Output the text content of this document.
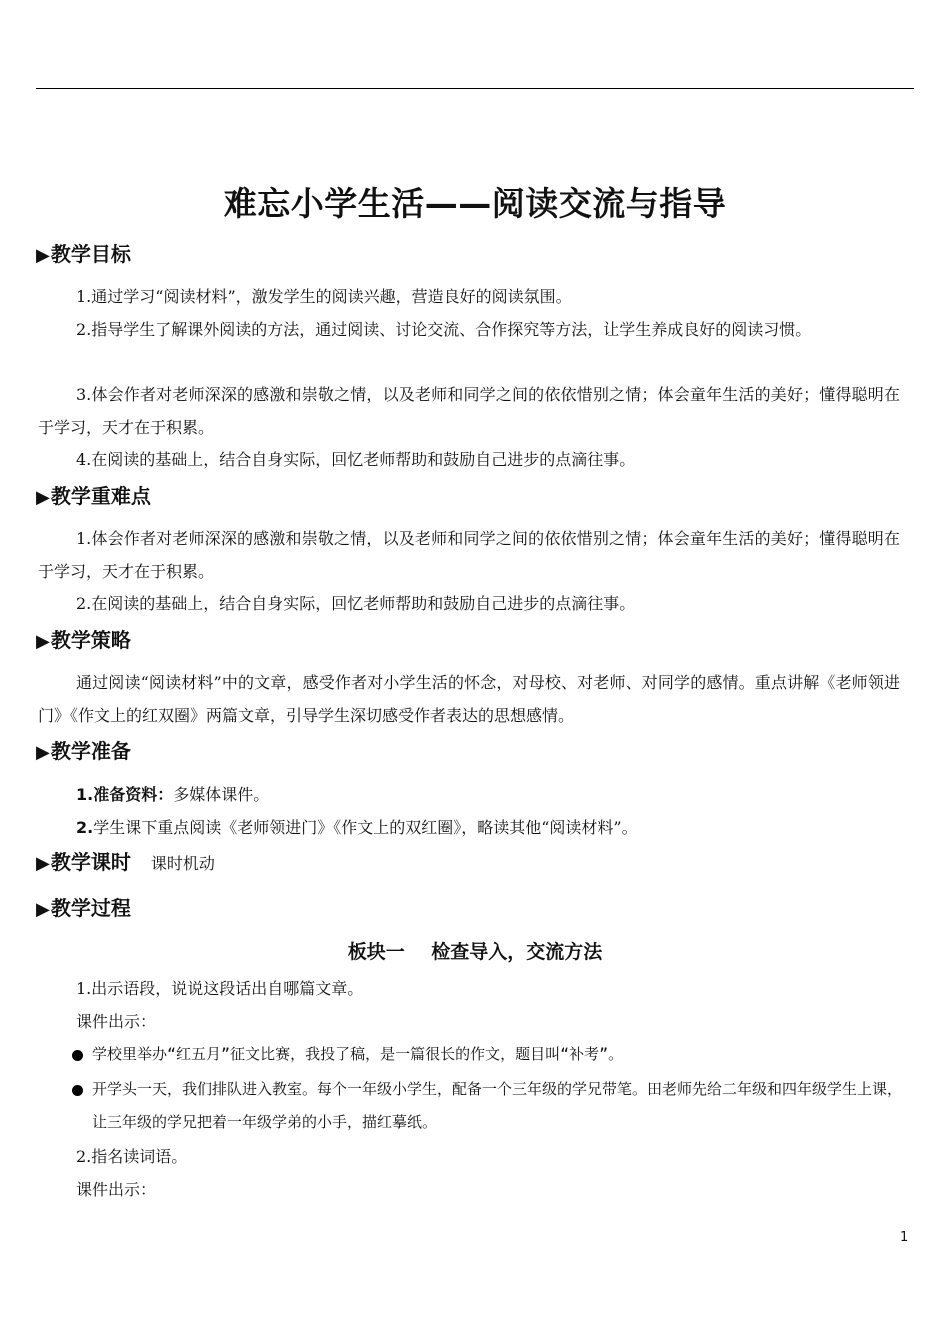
难忘小学生活——阅读交流与指导
▶教学目标
1.通过学习“阅读材料”，激发学生的阅读兴趣，营造良好的阅读氛围。
2.指导学生了解课外阅读的方法，通过阅读、讨论交流、合作探究等方法，让学生养成良好的阅读习惯。
3.体会作者对老师深深的感激和崇敬之情，以及老师和同学之间的依依惜别之情；体会童年生活的美好；懂得聪明在于学习，天才在于积累。
4.在阅读的基础上，结合自身实际，回忆老师帮助和鼓励自己进步的点滴往事。
▶教学重难点
1.体会作者对老师深深的感激和崇敬之情，以及老师和同学之间的依依惜别之情；体会童年生活的美好；懂得聪明在于学习，天才在于积累。
2.在阅读的基础上，结合自身实际，回忆老师帮助和鼓励自己进步的点滴往事。
▶教学策略
通过阅读“阅读材料”中的文章，感受作者对小学生活的怀念，对母校、对老师、对同学的感情。重点讲解《老师领进门》《作文上的红双圈》两篇文章，引导学生深切感受作者表达的思想感情。
▶教学准备
1.准备资料：多媒体课件。
2.学生课下重点阅读《老师领进门》《作文上的双红圈》，略读其他“阅读材料”。
▶教学课时 课时机动
▶教学过程
板块一    检查导入，交流方法
1.出示语段，说说这段话出自哪篇文章。
课件出示：
学校里举办“红五月”征文比赛，我投了稿，是一篇很长的作文，题目叫“补考”。
开学头一天，我们排队进入教室。每个一年级小学生，配备一个三年级的学兄带笔。田老师先给二年级和四年级学生上课，让三年级的学兄把着一年级学弟的小手，描红摹纸。
2.指名读词语。
课件出示：
1
